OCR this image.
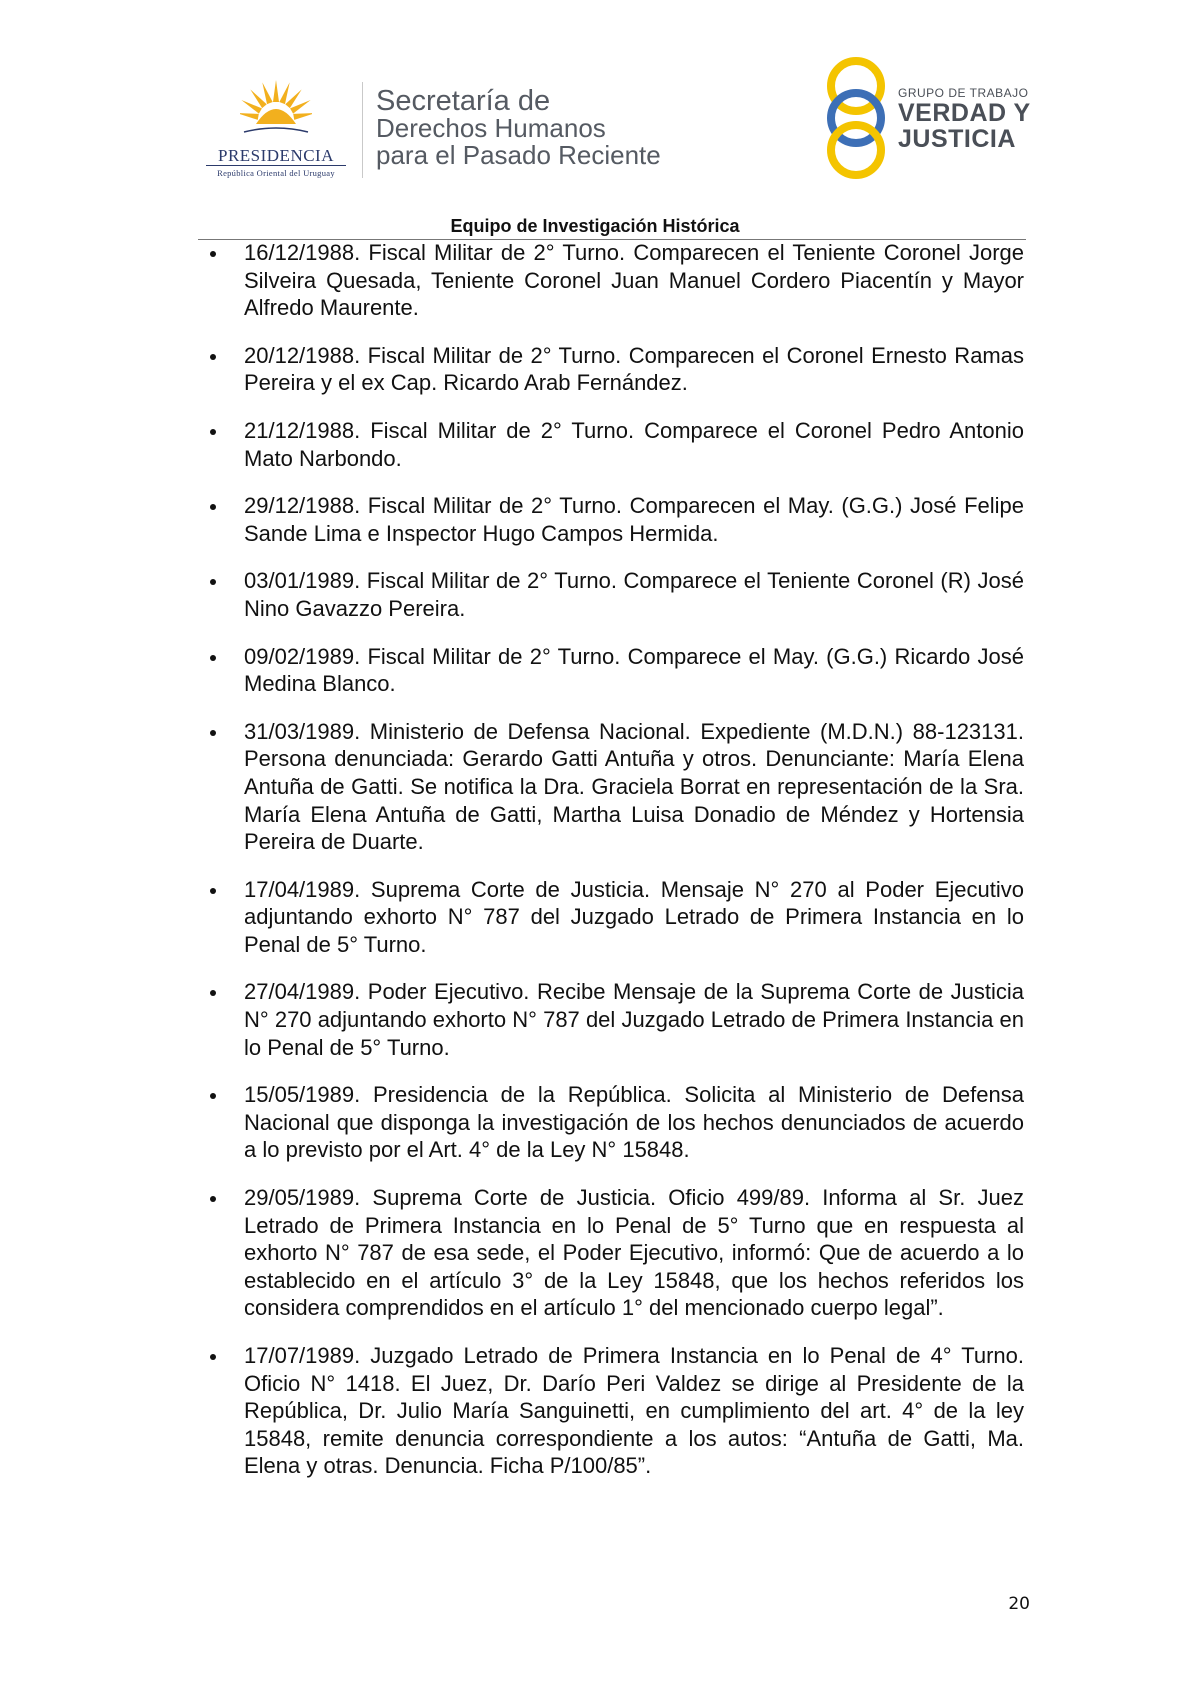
PRESIDENCIA
República Oriental del Uruguay
Secretaría de
Derechos Humanos
para el Pasado Reciente
GRUPO DE TRABAJO
VERDAD Y
JUSTICIA
Equipo de Investigación Histórica
16/12/1988. Fiscal Militar de 2° Turno. Comparecen el Teniente Coronel Jorge Silveira Quesada, Teniente Coronel Juan Manuel Cordero Piacentín y Mayor Alfredo Maurente.
20/12/1988. Fiscal Militar de 2° Turno. Comparecen el Coronel Ernesto Ramas Pereira y el ex Cap. Ricardo Arab Fernández.
21/12/1988. Fiscal Militar de 2° Turno. Comparece el Coronel Pedro Antonio Mato Narbondo.
29/12/1988. Fiscal Militar de 2° Turno. Comparecen el May. (G.G.) José Felipe Sande Lima e Inspector Hugo Campos Hermida.
03/01/1989. Fiscal Militar de 2° Turno. Comparece el Teniente Coronel (R) José Nino Gavazzo Pereira.
09/02/1989. Fiscal Militar de 2° Turno. Comparece el May. (G.G.) Ricardo José Medina Blanco.
31/03/1989. Ministerio de Defensa Nacional. Expediente (M.D.N.) 88-123131. Persona denunciada: Gerardo Gatti Antuña y otros. Denunciante: María Elena Antuña de Gatti. Se notifica la Dra. Graciela Borrat en representación de la Sra. María Elena Antuña de Gatti, Martha Luisa Donadio de Méndez y Hortensia Pereira de Duarte.
17/04/1989. Suprema Corte de Justicia. Mensaje N° 270 al Poder Ejecutivo adjuntando exhorto N° 787 del Juzgado Letrado de Primera Instancia en lo Penal de 5° Turno.
27/04/1989. Poder Ejecutivo. Recibe Mensaje de la Suprema Corte de Justicia N° 270 adjuntando exhorto N° 787 del Juzgado Letrado de Primera Instancia en lo Penal de 5° Turno.
15/05/1989. Presidencia de la República. Solicita al Ministerio de Defensa Nacional que disponga la investigación de los hechos denunciados de acuerdo a lo previsto por el Art. 4° de la Ley N° 15848.
29/05/1989. Suprema Corte de Justicia. Oficio 499/89. Informa al Sr. Juez Letrado de Primera Instancia en lo Penal de 5° Turno que en respuesta al exhorto N° 787 de esa sede, el Poder Ejecutivo, informó: Que de acuerdo a lo establecido en el artículo 3° de la Ley 15848, que los hechos referidos los considera comprendidos en el artículo 1° del mencionado cuerpo legal”.
17/07/1989. Juzgado Letrado de Primera Instancia en lo Penal de 4° Turno. Oficio N° 1418. El Juez, Dr. Darío Peri Valdez se dirige al Presidente de la República, Dr. Julio María Sanguinetti, en cumplimiento del art. 4° de la ley 15848, remite denuncia correspondiente a los autos: “Antuña de Gatti, Ma. Elena y otras. Denuncia. Ficha P/100/85”.
20
